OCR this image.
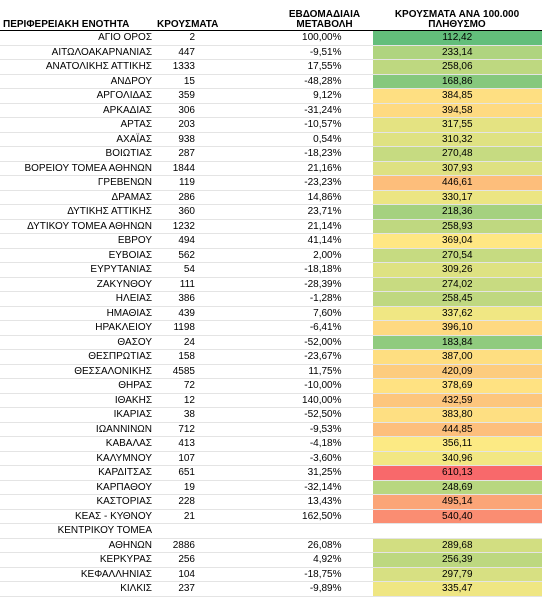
ΠΕΡΙΦΕΡΕΙΑΚΗ ΕΝΟΤΗΤΑ	ΚΡΟΥΣΜΑΤΑ	ΕΒΔΟΜΑΔΙΑΙΑ
ΜΕΤΑΒΟΛΗ	ΚΡΟΥΣΜΑΤΑ ΑΝΑ 100.000
ΠΛΗΘΥΣΜΟ
ΑΓΙΟ ΟΡΟΣ	2	100,00%	112,42
ΑΙΤΩΛΟΑΚΑΡΝΑΝΙΑΣ	447	-9,51%	233,14
ΑΝΑΤΟΛΙΚΗΣ ΑΤΤΙΚΗΣ	1333	17,55%	258,06
ΑΝΔΡΟΥ	15	-48,28%	168,86
ΑΡΓΟΛΙΔΑΣ	359	9,12%	384,85
ΑΡΚΑΔΙΑΣ	306	-31,24%	394,58
ΑΡΤΑΣ	203	-10,57%	317,55
ΑΧΑΪΑΣ	938	0,54%	310,32
ΒΟΙΩΤΙΑΣ	287	-18,23%	270,48
ΒΟΡΕΙΟΥ ΤΟΜΕΑ ΑΘΗΝΩΝ	1844	21,16%	307,93
ΓΡΕΒΕΝΩΝ	119	-23,23%	446,61
ΔΡΑΜΑΣ	286	14,86%	330,17
ΔΥΤΙΚΗΣ ΑΤΤΙΚΗΣ	360	23,71%	218,36
ΔΥΤΙΚΟΥ ΤΟΜΕΑ ΑΘΗΝΩΝ	1232	21,14%	258,93
ΕΒΡΟΥ	494	41,14%	369,04
ΕΥΒΟΙΑΣ	562	2,00%	270,54
ΕΥΡΥΤΑΝΙΑΣ	54	-18,18%	309,26
ΖΑΚΥΝΘΟΥ	111	-28,39%	274,02
ΗΛΕΙΑΣ	386	-1,28%	258,45
ΗΜΑΘΙΑΣ	439	7,60%	337,62
ΗΡΑΚΛΕΙΟΥ	1198	-6,41%	396,10
ΘΑΣΟΥ	24	-52,00%	183,84
ΘΕΣΠΡΩΤΙΑΣ	158	-23,67%	387,00
ΘΕΣΣΑΛΟΝΙΚΗΣ	4585	11,75%	420,09
ΘΗΡΑΣ	72	-10,00%	378,69
ΙΘΑΚΗΣ	12	140,00%	432,59
ΙΚΑΡΙΑΣ	38	-52,50%	383,80
ΙΩΑΝΝΙΝΩΝ	712	-9,53%	444,85
ΚΑΒΑΛΑΣ	413	-4,18%	356,11
ΚΑΛΥΜΝΟΥ	107	-3,60%	340,96
ΚΑΡΔΙΤΣΑΣ	651	31,25%	610,13
ΚΑΡΠΑΘΟΥ	19	-32,14%	248,69
ΚΑΣΤΟΡΙΑΣ	228	13,43%	495,14
ΚΕΑΣ - ΚΥΘΝΟΥ	21	162,50%	540,40
ΚΕΝΤΡΙΚΟΥ ΤΟΜΕΑ			
ΑΘΗΝΩΝ	2886	26,08%	289,68
ΚΕΡΚΥΡΑΣ	256	4,92%	256,39
ΚΕΦΑΛΛΗΝΙΑΣ	104	-18,75%	297,79
ΚΙΛΚΙΣ	237	-9,89%	335,47
